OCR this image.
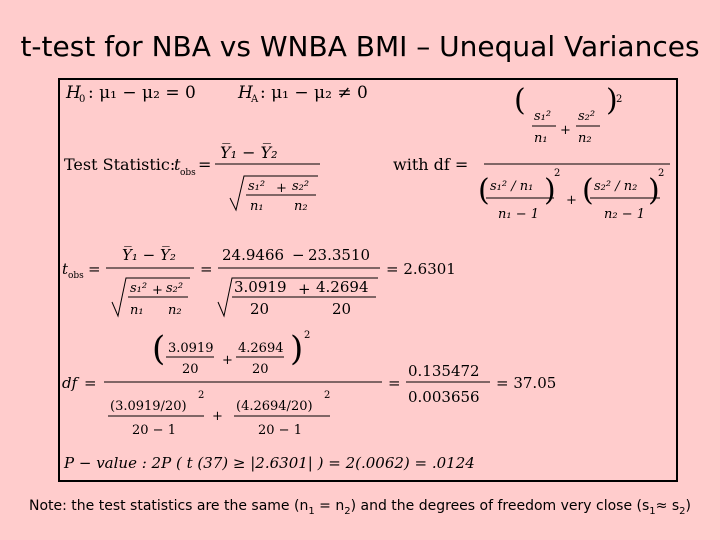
t-test for NBA vs WNBA BMI – Unequal Variances
H
0 : μ₁ − μ₂ = 0 H
A : μ₁ − μ₂ ≠ 0
Test Statistic:
t obs =
Y̅₁ − Y̅₂
s₁² + s₂²
n₁ n₂
with df =
( s₁²
n₁
+
s₂²
n₂
)
2
( s₁² / n₁ )
2
n₁ − 1
+ ( s₂² / n₂ )
2
n₂ − 1
t obs =
Y̅₁ − Y̅₂
s₁² + s₂²
n₁ n₂
=
24.9466 − 23.3510
3.0919 + 4.2694
20	20
= 2.6301
df =
( 3.0919
20
+
4.2694
20
) 2
(3.0919/20)
2
20 − 1
+
(4.2694/20)
2
20 − 1
=
0.135472
0.003656
= 37.05
P − value : 2P ( t (37) ≥ |2.6301| ) = 2(.0062) = .0124
Note: the test statistics are the same $(n_1 = n_2)$ and the degrees of freedom very close $(s_1\approx s_2)$
